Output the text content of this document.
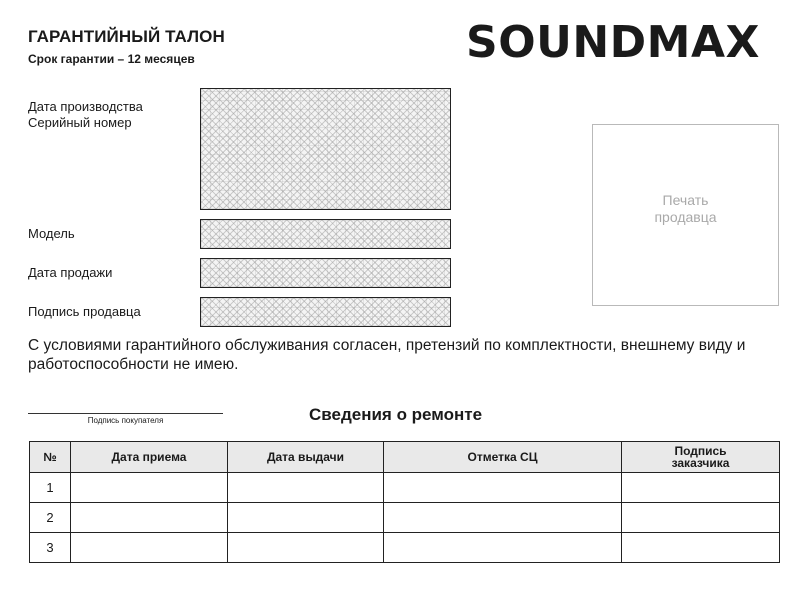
ГАРАНТИЙНЫЙ ТАЛОН
Срок гарантии – 12 месяцев	SOUNDMAX
Дата производства
Серийный номер
Модель
Дата продажи
Подпись продавца
Печать
продавца
С условиями гарантийного обслуживания согласен, претензий по комплектности, внешнему виду и работоспособности не имею.
Подпись покупателя	Сведения о ремонте
№	Дата приема	Дата выдачи	Отметка СЦ	Подпись заказчика
1				
2				
3				
